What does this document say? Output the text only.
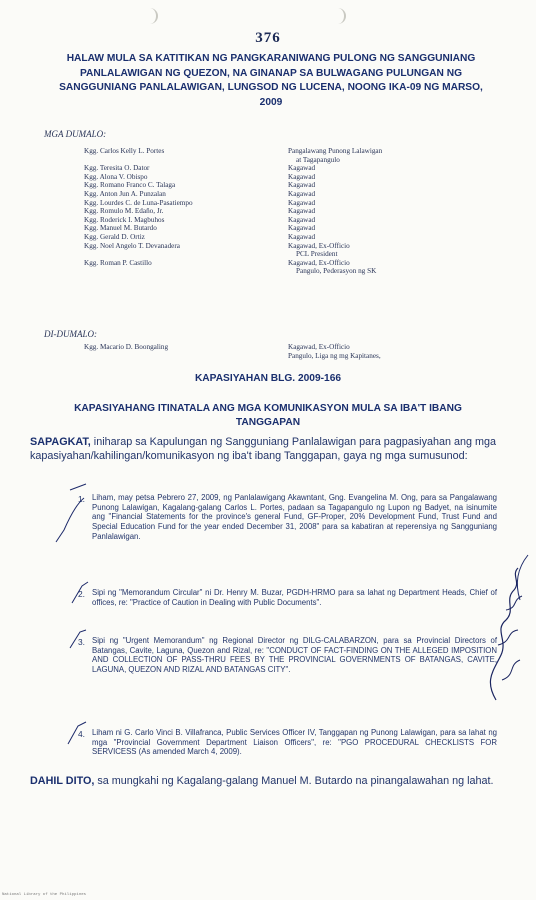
376
HALAW MULA SA KATITIKAN NG PANGKARANIWANG PULONG NG SANGGUNIANG PANLALAWIGAN NG QUEZON, NA GINANAP SA BULWAGANG PULUNGAN NG SANGGUNIANG PANLALAWIGAN, LUNGSOD NG LUCENA, NOONG IKA-09 NG MARSO, 2009
MGA DUMALO:
Kgg. Carlos Kelly L. Portes	Pangalawang Punong Lalawigan
at Tagapangulo
Kgg. Teresita O. Dator	Kagawad
Kgg. Alona V. Obispo	Kagawad
Kgg. Romano Franco C. Talaga	Kagawad
Kgg. Anton Jun A. Punzalan	Kagawad
Kgg. Lourdes C. de Luna-Pasatiempo	Kagawad
Kgg. Romulo M. Edaño, Jr.	Kagawad
Kgg. Roderick I. Magbuhos	Kagawad
Kgg. Manuel M. Butardo	Kagawad
Kgg. Gerald D. Ortiz	Kagawad
Kgg. Noel Angelo T. Devanadera	Kagawad, Ex-Officio
PCL President
Kgg. Roman P. Castillo	Kagawad, Ex-Officio
Pangulo, Pederasyon ng SK
DI-DUMALO:
Kgg. Macario D. Boongaling	Kagawad, Ex-Officio
Pangulo, Liga ng mg Kapitanes,
KAPASIYAHAN BLG. 2009-166
KAPASIYAHANG ITINATALA ANG MGA KOMUNIKASYON MULA SA IBA'T IBANG TANGGAPAN
SAPAGKAT, iniharap sa Kapulungan ng Sangguniang Panlalawigan para pagpasiyahan ang mga kapasiyahan/kahilingan/komunikasyon ng iba't ibang Tanggapan, gaya ng mga sumusunod:
1. Liham, may petsa Pebrero 27, 2009, ng Panlalawigang Akawntant, Gng. Evangelina M. Ong, para sa Pangalawang Punong Lalawigan, Kagalang-galang Carlos L. Portes, padaan sa Tagapangulo ng Lupon ng Badyet, na isinumite ang "Financial Statements for the province's general Fund, GF-Proper, 20% Development Fund, Trust Fund and Special Education Fund for the year ended December 31, 2008" para sa kabatiran at reperensiya ng Sangguniang Panlalawigan.
2. Sipi ng "Memorandum Circular" ni Dr. Henry M. Buzar, PGDH-HRMO para sa lahat ng Department Heads, Chief of offices, re: "Practice of Caution in Dealing with Public Documents".
3. Sipi ng "Urgent Memorandum" ng Regional Director ng DILG-CALABARZON, para sa Provincial Directors of Batangas, Cavite, Laguna, Quezon and Rizal, re: "CONDUCT OF FACT-FINDING ON THE ALLEGED IMPOSITION AND COLLECTION OF PASS-THRU FEES BY THE PROVINCIAL GOVERNMENTS OF BATANGAS, CAVITE, LAGUNA, QUEZON AND RIZAL AND BATANGAS CITY".
4. Liham ni G. Carlo Vinci B. Villafranca, Public Services Officer IV, Tanggapan ng Punong Lalawigan, para sa lahat ng mga "Provincial Government Department Liaison Officers", re: "PGO PROCEDURAL CHECKLISTS FOR SERVICESS (As amended March 4, 2009).
DAHIL DITO, sa mungkahi ng Kagalang-galang Manuel M. Butardo na pinangalawahan ng lahat.
National Library of the Philippines
